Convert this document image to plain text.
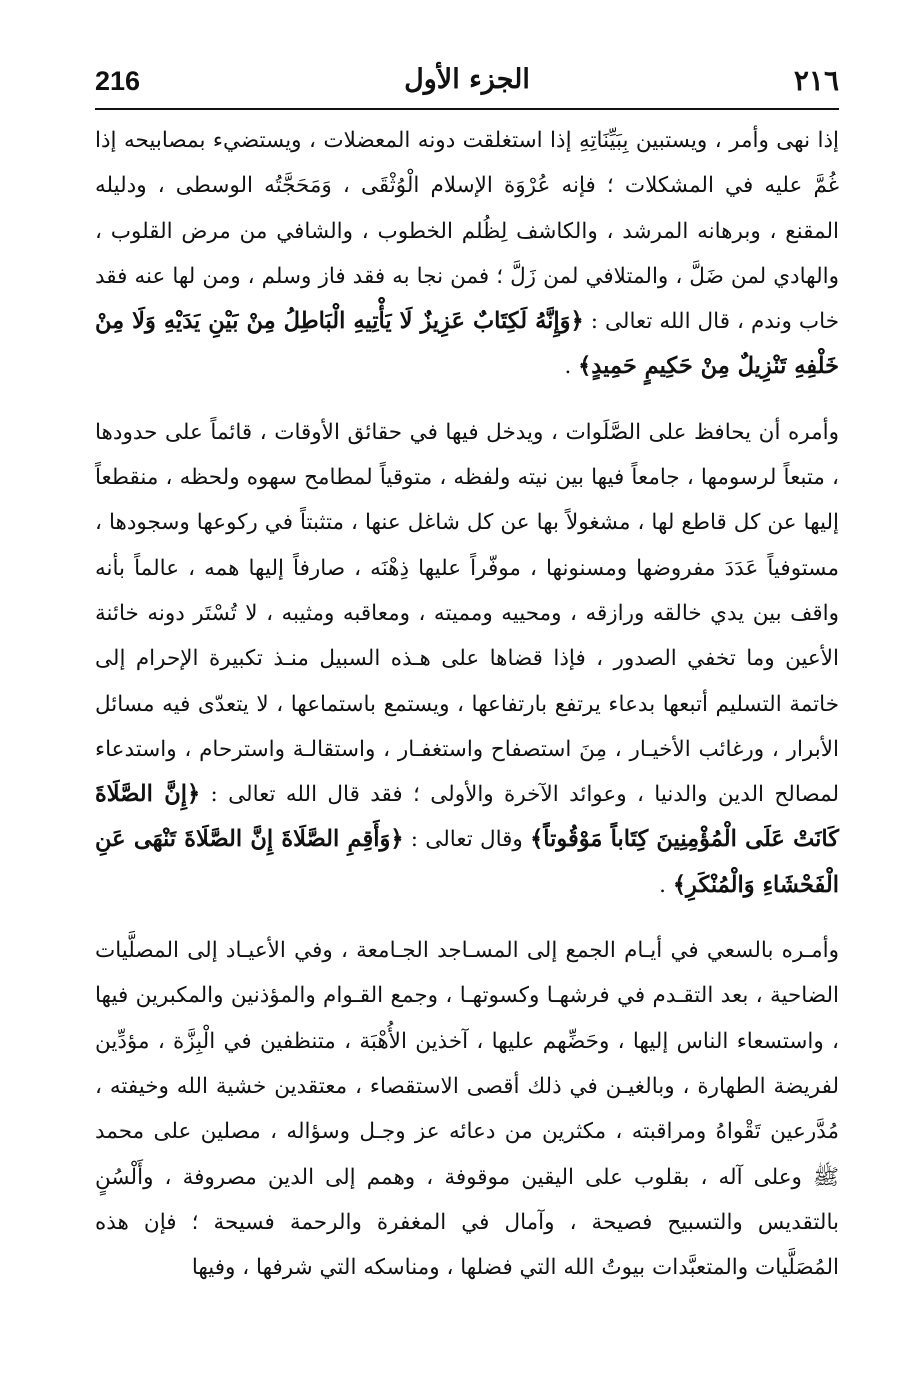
216	الجزء الأول	٢١٦

إذا نهى وأمر ، ويستبين بِبَيِّنَاتِهِ إذا استغلقت دونه المعضلات ، ويستضيء بمصابيحه إذا غُمَّ عليه في المشكلات ؛ فإنه عُرْوَة الإسلام الْوُثْقَى ، وَمَحَجَّتُه الوسطى ، ودليله المقنع ، وبرهانه المرشد ، والكاشف لِظُلم الخطوب ، والشافي من مرض القلوب ، والهادي لمن ضَلَّ ، والمتلافي لمن زَلَّ ؛ فمن نجا به فقد فاز وسلم ، ومن لها عنه فقد خاب وندم ، قال الله تعالى : ﴿وَإِنَّهُ لَكِتَابٌ عَزِيزٌ لَا يَأْتِيهِ الْبَاطِلُ مِنْ بَيْنِ يَدَيْهِ وَلَا مِنْ خَلْفِهِ تَنْزِيلٌ مِنْ حَكِيمٍ حَمِيدٍ﴾ .

وأمره أن يحافظ على الصَّلَوات ، ويدخل فيها في حقائق الأوقات ، قائماً على حدودها ، متبعاً لرسومها ، جامعاً فيها بين نيته ولفظه ، متوقياً لمطامح سهوه ولحظه ، منقطعاً إليها عن كل قاطع لها ، مشغولاً بها عن كل شاغل عنها ، متثبتاً في ركوعها وسجودها ، مستوفياً عَدَدَ مفروضها ومسنونها ، موفّراً عليها ذِهْنَه ، صارفاً إليها همه ، عالماً بأنه واقف بين يدي خالقه ورازقه ، ومحييه ومميته ، ومعاقبه ومثيبه ، لا تُسْتَر دونه خائنة الأعين وما تخفي الصدور ، فإذا قضاها على هـذه السبيل منـذ تكبيرة الإحرام إلى خاتمة التسليم أتبعها بدعاء يرتفع بارتفاعها ، ويستمع باستماعها ، لا يتعدّى فيه مسائل الأبرار ، ورغائب الأخيـار ، مِنَ استصفاح واستغفـار ، واستقالـة واسترحام ، واستدعاء لمصالح الدين والدنيا ، وعوائد الآخرة والأولى ؛ فقد قال الله تعالى : ﴿إِنَّ الصَّلَاةَ كَانَتْ عَلَى الْمُؤْمِنِينَ كِتَاباً مَوْقُوتاً﴾ وقال تعالى : ﴿وَأَقِمِ الصَّلَاةَ إِنَّ الصَّلَاةَ تَنْهَى عَنِ الْفَحْشَاءِ وَالْمُنْكَرِ﴾ .

وأمـره بالسعي في أيـام الجمع إلى المسـاجد الجـامعة ، وفي الأعيـاد إلى المصلَّيات الضاحية ، بعد التقـدم في فرشهـا وكسوتهـا ، وجمع القـوام والمؤذنين والمكبرين فيها ، واستسعاء الناس إليها ، وحَضِّهم عليها ، آخذين الأُهْبَة ، متنظفين في الْبِزَّة ، مؤدِّين لفريضة الطهارة ، وبالغيـن في ذلك أقصى الاستقصاء ، معتقدين خشية الله وخيفته ، مُدَّرعين تَقْواهُ ومراقبته ، مكثرين من دعائه عز وجـل وسؤاله ، مصلين على محمد ﷺ وعلى آله ، بقلوب على اليقين موقوفة ، وهمم إلى الدين مصروفة ، وأَلْسُنٍ بالتقديس والتسبيح فصيحة ، وآمال في المغفرة والرحمة فسيحة ؛ فإن هذه المُصَلَّيات والمتعبَّدات بيوتُ الله التي فضلها ، ومناسكه التي شرفها ، وفيها
